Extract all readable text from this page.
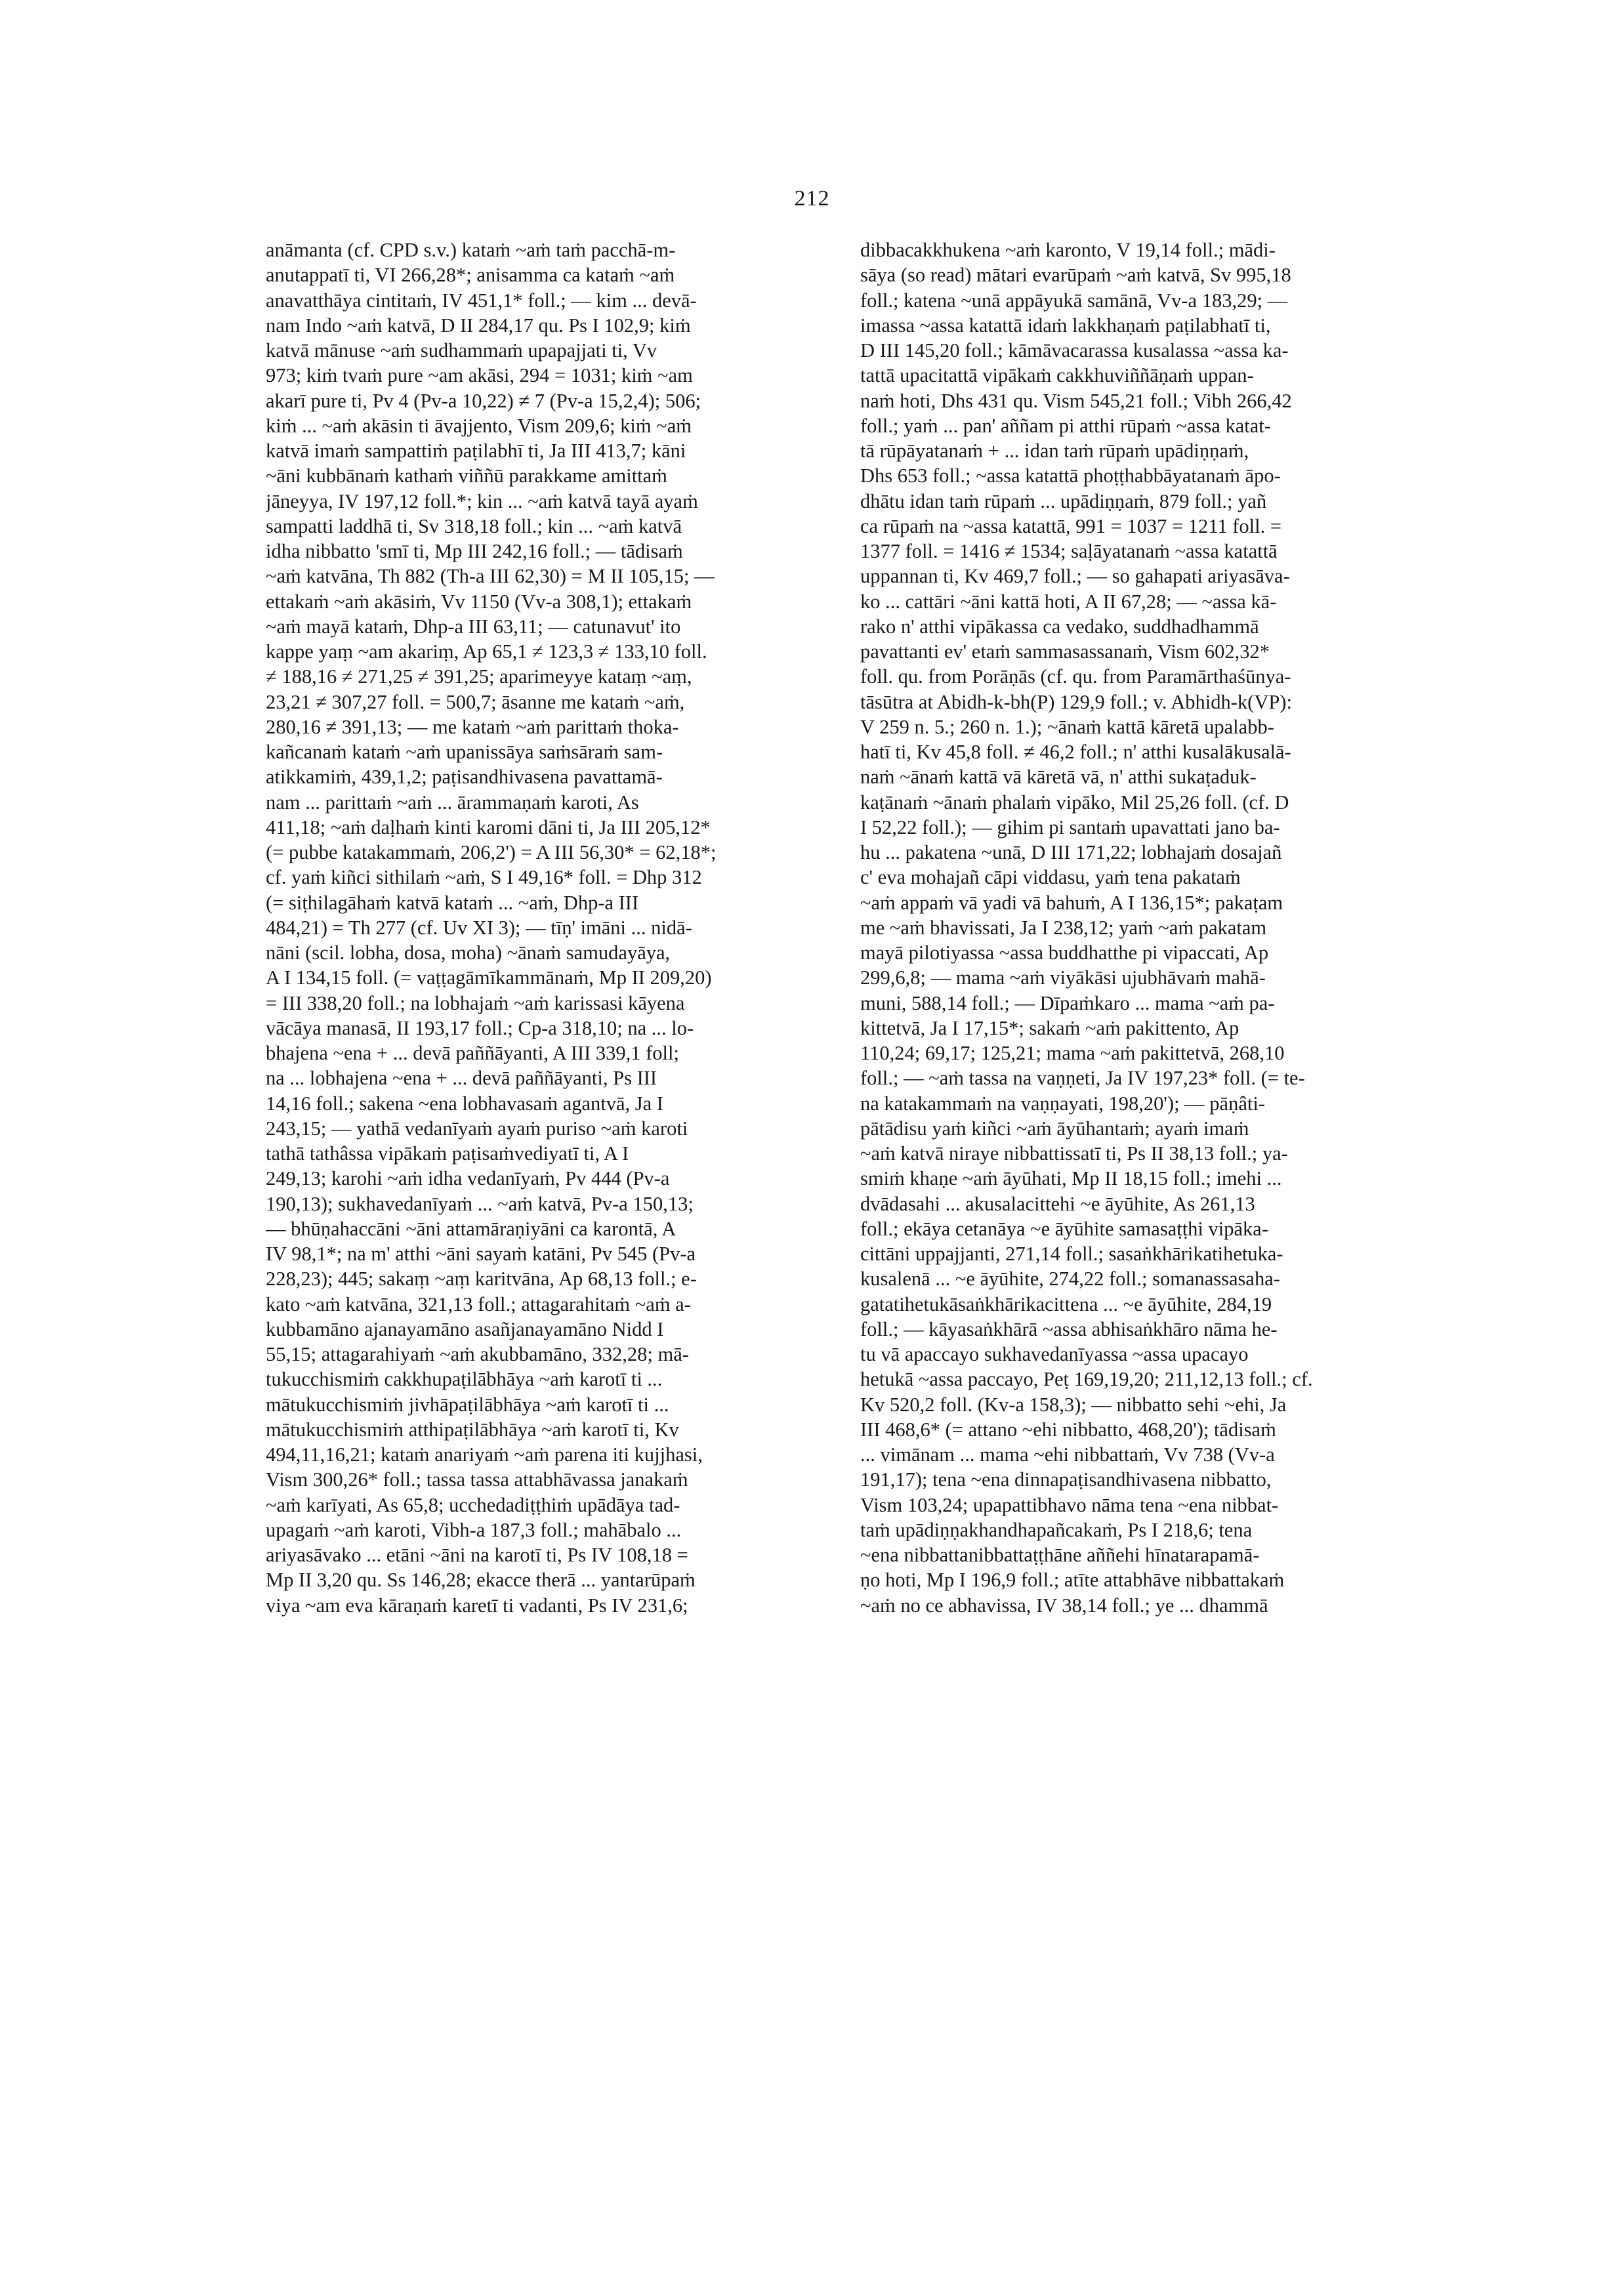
212
anāmanta (cf. CPD s.v.) kataṁ ~aṁ taṁ pacchā-m-
anutappatī ti, VI 266,28*; anisamma ca kataṁ ~aṁ
anavatthāya cintitaṁ, IV 451,1* foll.; — kim ... devā-
nam Indo ~aṁ katvā, D II 284,17 qu. Ps I 102,9; kiṁ
katvā mānuse ~aṁ sudhammaṁ upapajjati ti, Vv
973; kiṁ tvaṁ pure ~am akāsi, 294 = 1031; kiṁ ~am
akarī pure ti, Pv 4 (Pv-a 10,22) ≠ 7 (Pv-a 15,2,4); 506;
kiṁ ... ~aṁ akāsin ti āvajjento, Vism 209,6; kiṁ ~aṁ
katvā imaṁ sampattiṁ paṭilabhī ti, Ja III 413,7; kāni
~āni kubbānaṁ kathaṁ viññū parakkame amittaṁ
jāneyya, IV 197,12 foll.*; kin ... ~aṁ katvā tayā ayaṁ
sampatti laddhā ti, Sv 318,18 foll.; kin ... ~aṁ katvā
idha nibbatto 'smī ti, Mp III 242,16 foll.; — tādisaṁ
~aṁ katvāna, Th 882 (Th-a III 62,30) = M II 105,15; —
ettakaṁ ~aṁ akāsiṁ, Vv 1150 (Vv-a 308,1); ettakaṁ
~aṁ mayā kataṁ, Dhp-a III 63,11; — catunavut' ito
kappe yaṃ ~am akariṃ, Ap 65,1 ≠ 123,3 ≠ 133,10 foll.
≠ 188,16 ≠ 271,25 ≠ 391,25; aparimeyye kataṃ ~aṃ,
23,21 ≠ 307,27 foll. = 500,7; āsanne me kataṁ ~aṁ,
280,16 ≠ 391,13; — me kataṁ ~aṁ parittaṁ thoka-
kañcanaṁ kataṁ ~aṁ upanissāya saṁsāraṁ sam-
atikkamiṁ, 439,1,2; paṭisandhivasena pavattamā-
nam ... parittaṁ ~aṁ ... ārammaṇaṁ karoti, As
411,18; ~aṁ daḷhaṁ kinti karomi dāni ti, Ja III 205,12*
(= pubbe katakammaṁ, 206,2') = A III 56,30* = 62,18*;
cf. yaṁ kiñci sithilaṁ ~aṁ, S I 49,16* foll. = Dhp 312
(= siṭhilagāhaṁ katvā kataṁ ... ~aṁ, Dhp-a III
484,21) = Th 277 (cf. Uv XI 3); — tīṇ' imāni ... nidā-
nāni (scil. lobha, dosa, moha) ~ānaṁ samudayāya,
A I 134,15 foll. (= vaṭṭagāmīkammānaṁ, Mp II 209,20)
= III 338,20 foll.; na lobhajaṁ ~aṁ karissasi kāyena
vācāya manasā, II 193,17 foll.; Cp-a 318,10; na ... lo-
bhajena ~ena + ... devā paññāyanti, A III 339,1 foll;
na ... lobhajena ~ena + ... devā paññāyanti, Ps III
14,16 foll.; sakena ~ena lobhavasaṁ agantvā, Ja I
243,15; — yathā vedanīyaṁ ayaṁ puriso ~aṁ karoti
tathā tathâssa vipākaṁ paṭisaṁvediyatī ti, A I
249,13; karohi ~aṁ idha vedanīyaṁ, Pv 444 (Pv-a
190,13); sukhavedanīyaṁ ... ~aṁ katvā, Pv-a 150,13;
— bhūṇahaccāni ~āni attamāraṇiyāni ca karontā, A
IV 98,1*; na m' atthi ~āni sayaṁ katāni, Pv 545 (Pv-a
228,23); 445; sakaṃ ~aṃ karitvāna, Ap 68,13 foll.; e-
kato ~aṁ katvāna, 321,13 foll.; attagarahitaṁ ~aṁ a-
kubbamāno ajanayamāno asañjanayamāno Nidd I
55,15; attagarahiyaṁ ~aṁ akubbamāno, 332,28; mā-
tukucchismiṁ cakkhupaṭilābhāya ~aṁ karotī ti ...
mātukucchismiṁ jivhāpaṭilābhāya ~aṁ karotī ti ...
mātukucchismiṁ atthipaṭilābhāya ~aṁ karotī ti, Kv
494,11,16,21; kataṁ anariyaṁ ~aṁ parena iti kujjhasi,
Vism 300,26* foll.; tassa tassa attabhāvassa janakaṁ
~aṁ karīyati, As 65,8; ucchedadiṭṭhiṁ upādāya tad-
upagaṁ ~aṁ karoti, Vibh-a 187,3 foll.; mahābalo ...
ariyasāvako ... etāni ~āni na karotī ti, Ps IV 108,18 =
Mp II 3,20 qu. Ss 146,28; ekacce therā ... yantarūpaṁ
viya ~am eva kāraṇaṁ karetī ti vadanti, Ps IV 231,6;
dibbacakkhukena ~aṁ karonto, V 19,14 foll.; mādi-
sāya (so read) mātari evarūpaṁ ~aṁ katvā, Sv 995,18
foll.; katena ~unā appāyukā samānā, Vv-a 183,29; —
imassa ~assa katattā idaṁ lakkhaṇaṁ paṭilabhatī ti,
D III 145,20 foll.; kāmāvacarassa kusalassa ~assa ka-
tattā upacitattā vipākaṁ cakkhuviññāṇaṁ uppan-
naṁ hoti, Dhs 431 qu. Vism 545,21 foll.; Vibh 266,42
foll.; yaṁ ... pan' aññam pi atthi rūpaṁ ~assa katat-
tā rūpāyatanaṁ + ... idan taṁ rūpaṁ upādiṇṇaṁ,
Dhs 653 foll.; ~assa katattā phoṭṭhabbāyatanaṁ āpo-
dhātu idan taṁ rūpaṁ ... upādiṇṇaṁ, 879 foll.; yañ
ca rūpaṁ na ~assa katattā, 991 = 1037 = 1211 foll. =
1377 foll. = 1416 ≠ 1534; saḷāyatanaṁ ~assa katattā
uppannan ti, Kv 469,7 foll.; — so gahapati ariyasāva-
ko ... cattāri ~āni kattā hoti, A II 67,28; — ~assa kā-
rako n' atthi vipākassa ca vedako, suddhadhammā
pavattanti ev' etaṁ sammasassanaṁ, Vism 602,32*
foll. qu. from Porāṇās (cf. qu. from Paramārthaśūnya-
tāsūtra at Abidh-k-bh(P) 129,9 foll.; v. Abhidh-k(VP):
V 259 n. 5.; 260 n. 1.); ~ānaṁ kattā kāretā upalabb-
hatī ti, Kv 45,8 foll. ≠ 46,2 foll.; n' atthi kusalākusalā-
naṁ ~ānaṁ kattā vā kāretā vā, n' atthi sukaṭaduk-
kaṭānaṁ ~ānaṁ phalaṁ vipāko, Mil 25,26 foll. (cf. D
I 52,22 foll.); — gihim pi santaṁ upavattati jano ba-
hu ... pakatena ~unā, D III 171,22; lobhajaṁ dosajañ
c' eva mohajañ cāpi viddasu, yaṁ tena pakataṁ
~aṁ appaṁ vā yadi vā bahuṁ, A I 136,15*; pakaṭam
me ~aṁ bhavissati, Ja I 238,12; yaṁ ~aṁ pakatam
mayā pilotiyassa ~assa buddhatthe pi vipaccati, Ap
299,6,8; — mama ~aṁ viyākāsi ujubhāvaṁ mahā-
muni, 588,14 foll.; — Dīpaṁkaro ... mama ~aṁ pa-
kittetvā, Ja I 17,15*; sakaṁ ~aṁ pakittento, Ap
110,24; 69,17; 125,21; mama ~aṁ pakittetvā, 268,10
foll.; — ~aṁ tassa na vaṇṇeti, Ja IV 197,23* foll. (= te-
na katakammaṁ na vaṇṇayati, 198,20'); — pāṇâti-
pātādisu yaṁ kiñci ~aṁ āyūhantaṁ; ayaṁ imaṁ
~aṁ katvā niraye nibbattissatī ti, Ps II 38,13 foll.; ya-
smiṁ khaṇe ~aṁ āyūhati, Mp II 18,15 foll.; imehi ...
dvādasahi ... akusalacittehi ~e āyūhite, As 261,13
foll.; ekāya cetanāya ~e āyūhite samasaṭṭhi vipāka-
cittāni uppajjanti, 271,14 foll.; sasaṅkhārikatihetuka-
kusalenā ... ~e āyūhite, 274,22 foll.; somanassasaha-
gatatihetukāsaṅkhārikacittena ... ~e āyūhite, 284,19
foll.; — kāyasaṅkhārā ~assa abhisaṅkhāro nāma he-
tu vā apaccayo sukhavedanīyassa ~assa upacayo
hetukā ~assa paccayo, Peṭ 169,19,20; 211,12,13 foll.; cf.
Kv 520,2 foll. (Kv-a 158,3); — nibbatto sehi ~ehi, Ja
III 468,6* (= attano ~ehi nibbatto, 468,20'); tādisaṁ
... vimānam ... mama ~ehi nibbattaṁ, Vv 738 (Vv-a
191,17); tena ~ena dinnapaṭisandhivasena nibbatto,
Vism 103,24; upapattibhavo nāma tena ~ena nibbat-
taṁ upādiṇṇakhandhapañcakaṁ, Ps I 218,6; tena
~ena nibbattanibbattaṭṭhāne aññehi hīnatarapamā-
ṇo hoti, Mp I 196,9 foll.; atīte attabhāve nibbattakaṁ
~aṁ no ce abhavissa, IV 38,14 foll.; ye ... dhammā
